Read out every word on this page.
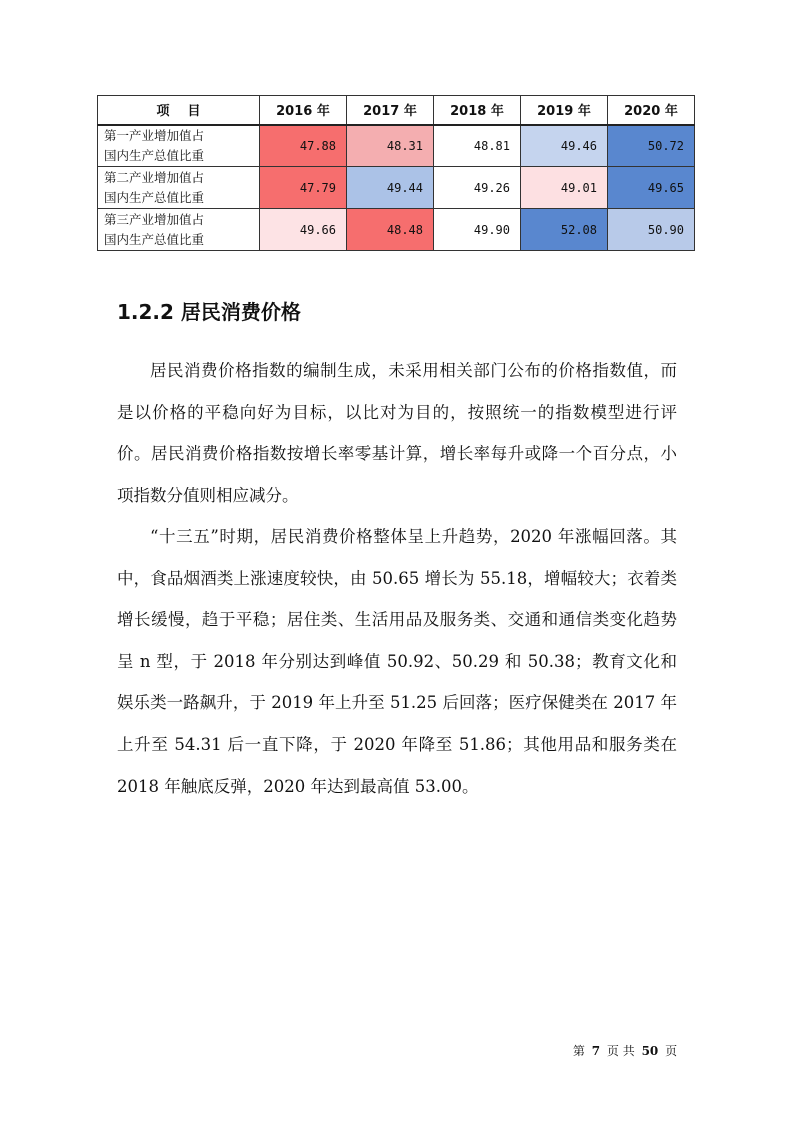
项目	2016 年	2017 年	2018 年	2019 年	2020 年

第一产业增加值占
国内生产总值比重	47.88	48.31	48.81	49.46	50.72

第二产业增加值占
国内生产总值比重	47.79	49.44	49.26	49.01	49.65

第三产业增加值占
国内生产总值比重	49.66	48.48	49.90	52.08	50.90
1.2.2 居民消费价格

居民消费价格指数的编制生成，未采用相关部门公布的价格指数值，而是以价格的平稳向好为目标，以比对为目的，按照统一的指数模型进行评价。居民消费价格指数按增长率零基计算，增长率每升或降一个百分点，小项指数分值则相应减分。

“十三五”时期，居民消费价格整体呈上升趋势，2020 年涨幅回落。其中，食品烟酒类上涨速度较快，由 50.65 增长为 55.18，增幅较大；衣着类增长缓慢，趋于平稳；居住类、生活用品及服务类、交通和通信类变化趋势呈 n 型，于 2018 年分别达到峰值 50.92、50.29 和 50.38；教育文化和娱乐类一路飙升，于 2019 年上升至 51.25 后回落；医疗保健类在 2017 年上升至 54.31 后一直下降，于 2020 年降至 51.86；其他用品和服务类在 2018 年触底反弹，2020 年达到最高值 53.00。

第 7 页 共 50 页
